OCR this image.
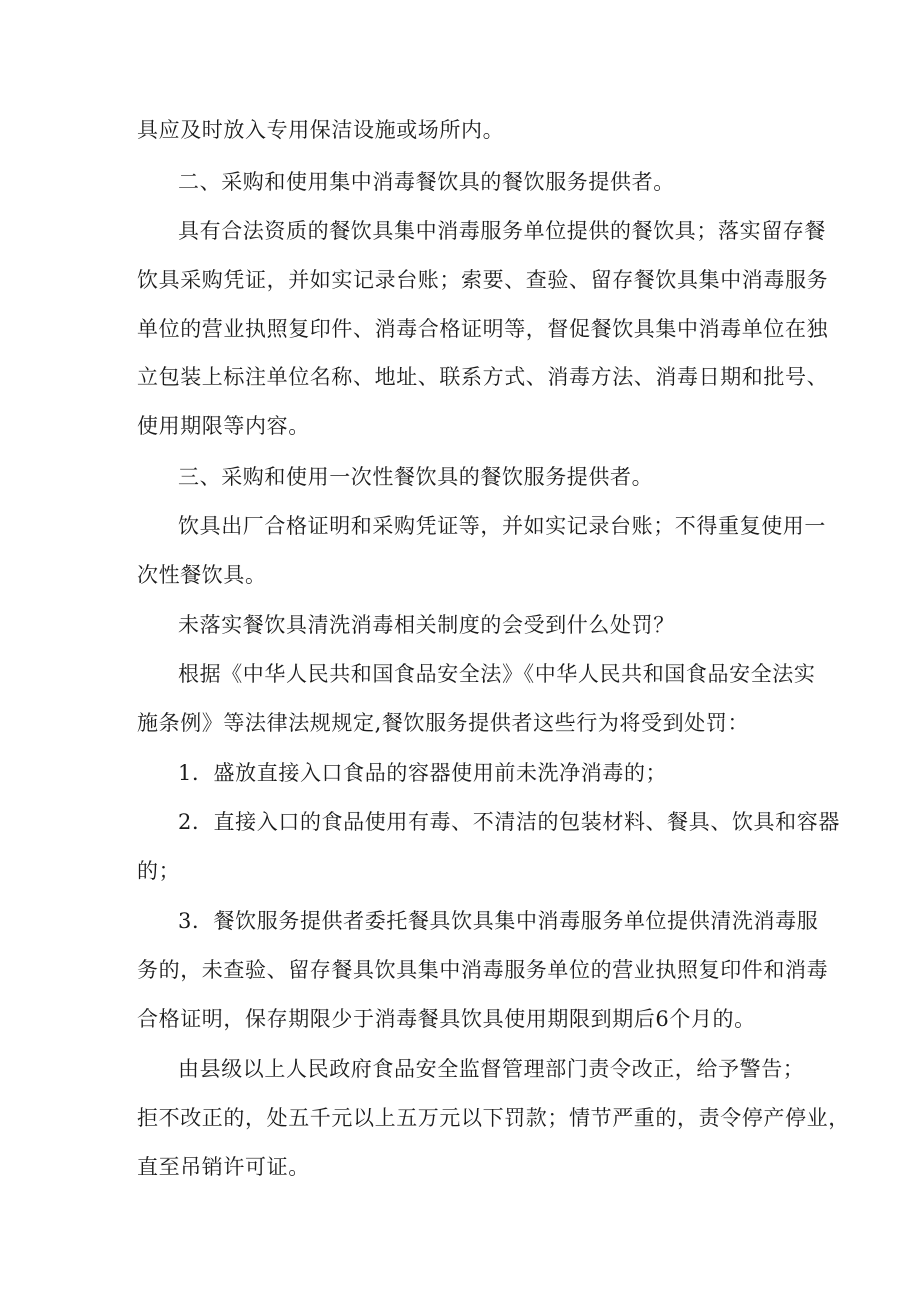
具应及时放入专用保洁设施或场所内。
二、采购和使用集中消毒餐饮具的餐饮服务提供者。
具有合法资质的餐饮具集中消毒服务单位提供的餐饮具；落实留存餐
饮具采购凭证，并如实记录台账；索要、查验、留存餐饮具集中消毒服务
单位的营业执照复印件、消毒合格证明等，督促餐饮具集中消毒单位在独
立包装上标注单位名称、地址、联系方式、消毒方法、消毒日期和批号、
使用期限等内容。
三、采购和使用一次性餐饮具的餐饮服务提供者。
饮具出厂合格证明和采购凭证等，并如实记录台账；不得重复使用一
次性餐饮具。
未落实餐饮具清洗消毒相关制度的会受到什么处罚？
根据《中华人民共和国食品安全法》《中华人民共和国食品安全法实
施条例》等法律法规规定,餐饮服务提供者这些行为将受到处罚：
1．盛放直接入口食品的容器使用前未洗净消毒的；
2．直接入口的食品使用有毒、不清洁的包装材料、餐具、饮具和容器
的；
3．餐饮服务提供者委托餐具饮具集中消毒服务单位提供清洗消毒服
务的，未查验、留存餐具饮具集中消毒服务单位的营业执照复印件和消毒
合格证明，保存期限少于消毒餐具饮具使用期限到期后6个月的。
由县级以上人民政府食品安全监督管理部门责令改正，给予警告；
拒不改正的，处五千元以上五万元以下罚款；情节严重的，责令停产停业，
直至吊销许可证。
